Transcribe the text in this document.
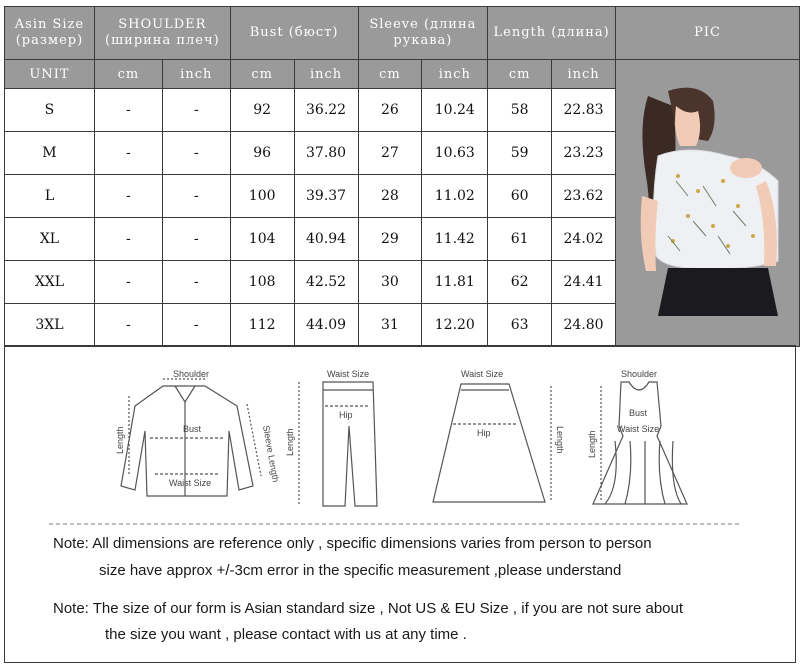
Asin Size (размер)	SHOULDER (ширина плеч)		Bust (бюст)		Sleeve (длина рукава)		Length (длина)		PIC
UNIT	cm	inch	cm	inch	cm	inch	cm	inch	
S	-	-	92	36.22	26	10.24	58	22.83	
M	-	-	96	37.80	27	10.63	59	23.23	
L	-	-	100	39.37	28	11.02	60	23.62	
XL	-	-	104	40.94	29	11.42	61	24.02	
XXL	-	-	108	42.52	30	11.81	62	24.41	
3XL	-	-	112	44.09	31	12.20	63	24.80	
Shoulder
Bust
Waist Size
Length	Sleeve Length
Waist Size
Hip
Length
Waist Size
Hip	Length
Shoulder
Bust
Waist Size
Length
Note: All dimensions are reference only , specific dimensions varies from person to person
size have approx +/-3cm error in the specific measurement ,please understand
Note: The size of our form is Asian standard size , Not US & EU Size , if you are not sure about
the size you want , please contact with us at any time .
